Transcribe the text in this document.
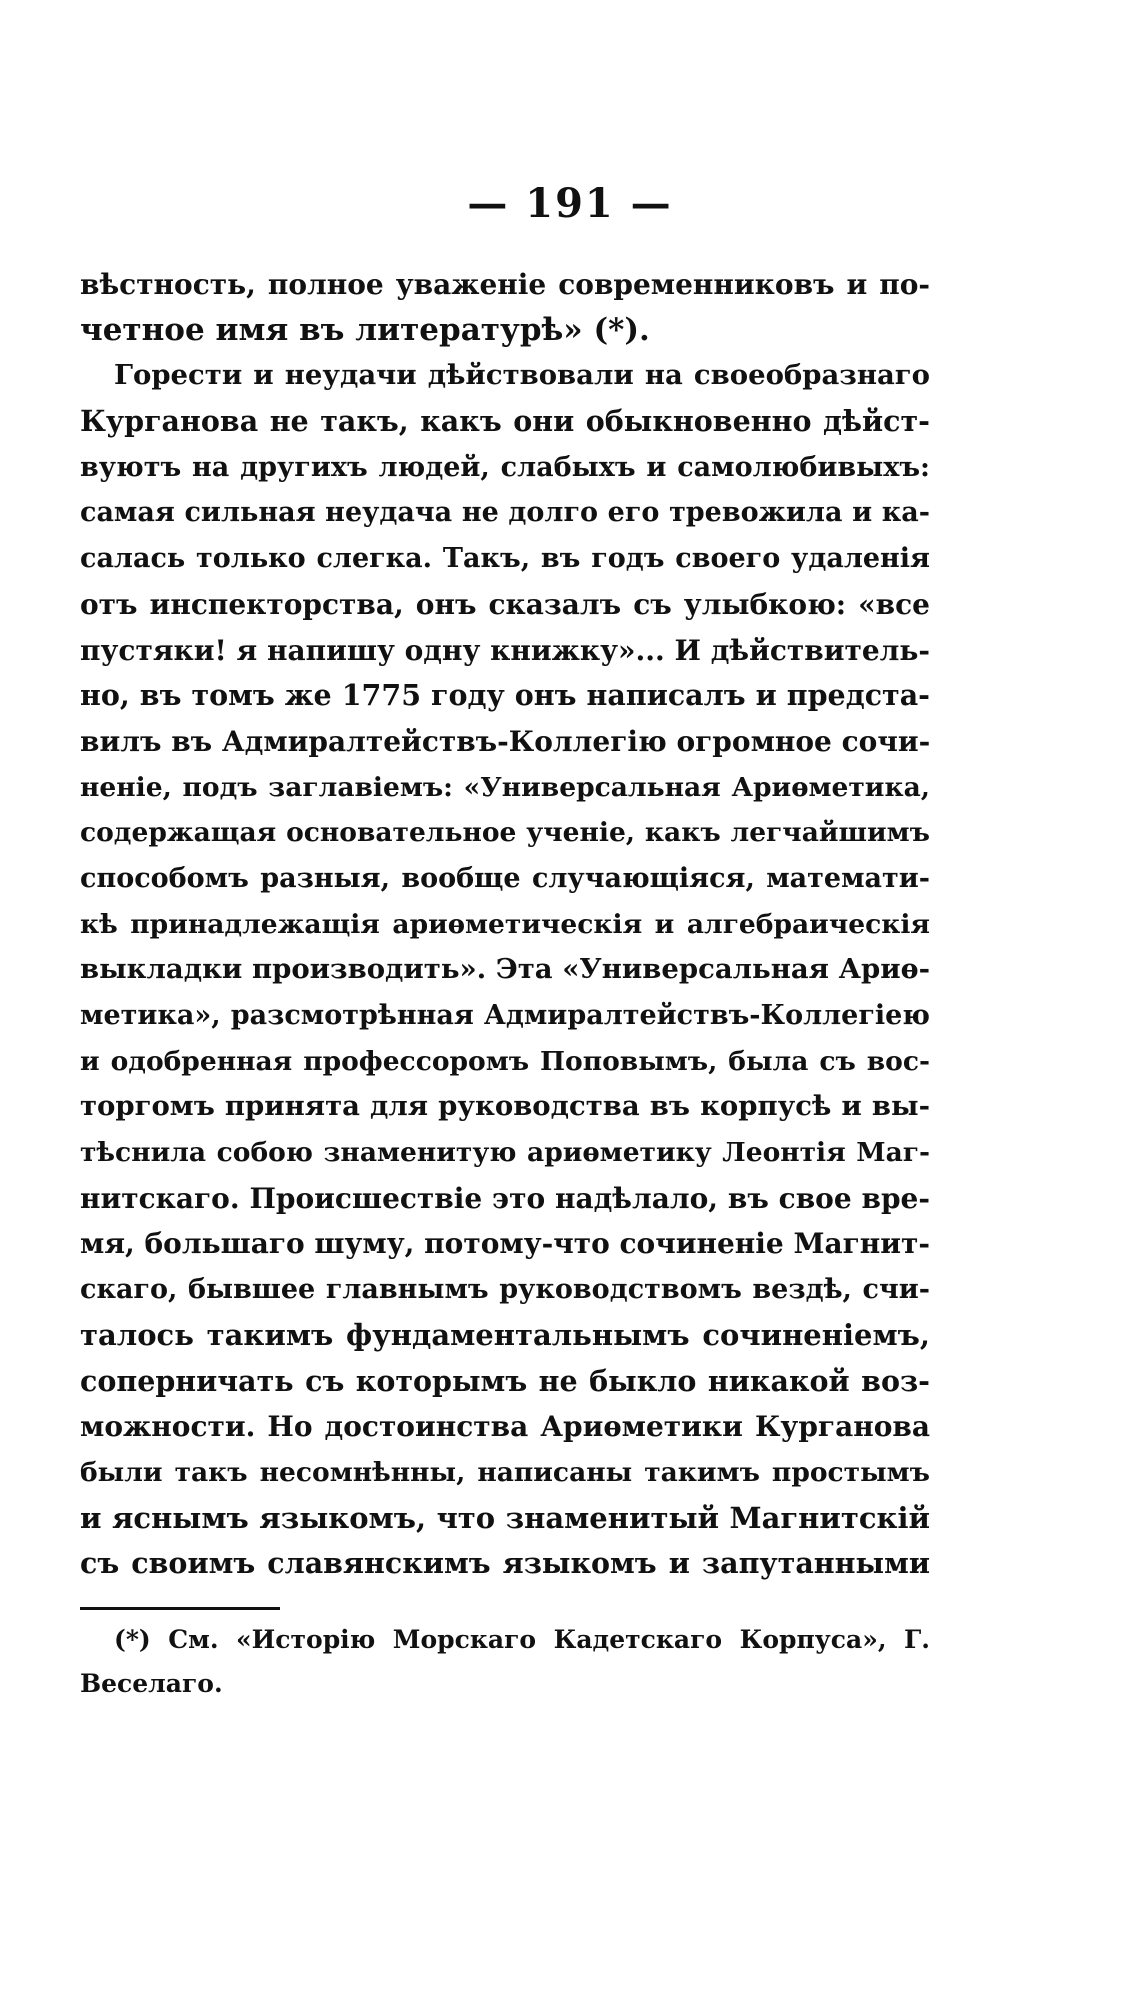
— 191 —
вѣстность, полное уваженіе современниковъ и по-
четное имя въ литературѣ» (*).
Горести и неудачи дѣйствовали на своеобразнаго
Курганова не такъ, какъ они обыкновенно дѣйст-
вуютъ на другихъ людей, слабыхъ и самолюбивыхъ:
самая сильная неудача не долго его тревожила и ка-
салась только слегка. Такъ, въ годъ своего удаленія
отъ инспекторства, онъ сказалъ съ улыбкою: «все
пустяки! я напишу одну книжку»... И дѣйствитель-
но, въ томъ же 1775 году онъ написалъ и предста-
вилъ въ Адмиралтействъ-Коллегію огромное сочи-
неніе, подъ заглавіемъ: «Универсальная Ариѳметика,
содержащая основательное ученіе, какъ легчайшимъ
способомъ разныя, вообще случающіяся, математи-
кѣ принадлежащія ариѳметическія и алгебраическія
выкладки производить». Эта «Универсальная Ариѳ-
метика», разсмотрѣнная Адмиралтействъ-Коллегіею
и одобренная профессоромъ Поповымъ, была съ вос-
торгомъ принята для руководства въ корпусѣ и вы-
тѣснила собою знаменитую ариѳметику Леонтія Маг-
нитскаго. Происшествіе это надѣлало, въ свое вре-
мя, большаго шуму, потому-что сочиненіе Магнит-
скаго, бывшее главнымъ руководствомъ вездѣ, счи-
талось такимъ фундаментальнымъ сочиненіемъ,
соперничать съ которымъ не быкло никакой воз-
можности. Но достоинства Ариѳметики Курганова
были такъ несомнѣнны, написаны такимъ простымъ
и яснымъ языкомъ, что знаменитый Магнитскій
съ своимъ славянскимъ языкомъ и запутанными
(*) См. «Исторію Морскаго Кадетскаго Корпуса», Г.
Веселаго.
